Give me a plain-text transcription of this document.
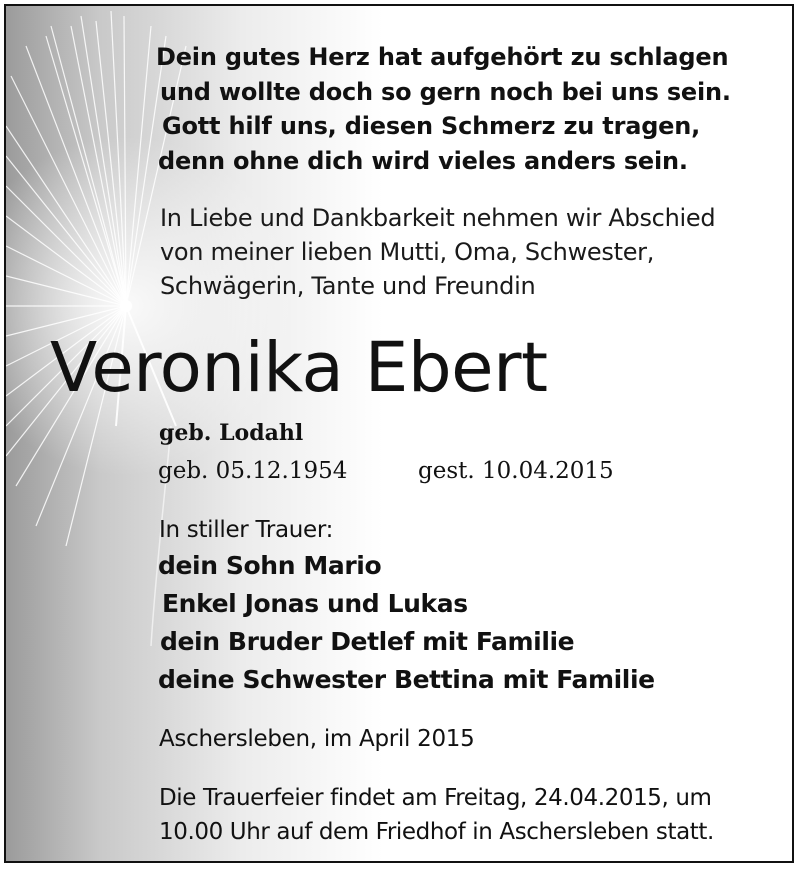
Dein gutes Herz hat aufgehört zu schlagen
und wollte doch so gern noch bei uns sein.
Gott hilf uns, diesen Schmerz zu tragen,
denn ohne dich wird vieles anders sein.
In Liebe und Dankbarkeit nehmen wir Abschied
von meiner lieben Mutti, Oma, Schwester,
Schwägerin, Tante und Freundin
Veronika Ebert
geb. Lodahl
geb. 05.12.1954	gest. 10.04.2015
In stiller Trauer:
dein Sohn Mario
Enkel Jonas und Lukas
dein Bruder Detlef mit Familie
deine Schwester Bettina mit Familie
Aschersleben, im April 2015
Die Trauerfeier findet am Freitag, 24.04.2015, um
10.00 Uhr auf dem Friedhof in Aschersleben statt.
